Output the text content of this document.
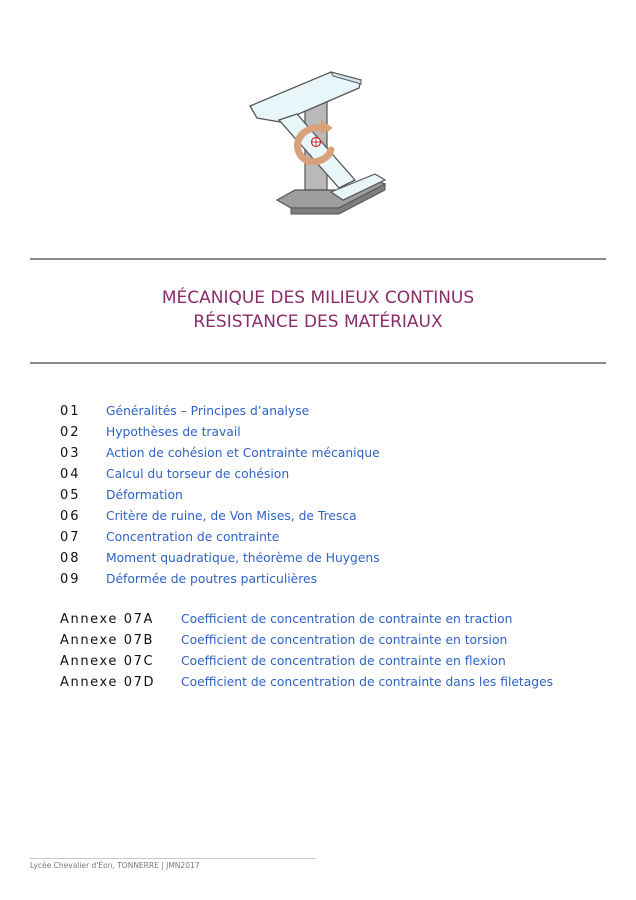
MÉCANIQUE DES MILIEUX CONTINUS
RÉSISTANCE DES MATÉRIAUX
01	Généralités – Principes d’analyse
02	Hypothèses de travail
03	Action de cohésion et Contrainte mécanique
04	Calcul du torseur de cohésion
05	Déformation
06	Critère de ruine, de Von Mises, de Tresca
07	Concentration de contrainte
08	Moment quadratique, théorème de Huygens
09	Déformée de poutres particulières
Annexe 07A	Coefficient de concentration de contrainte en traction
Annexe 07B	Coefficient de concentration de contrainte en torsion
Annexe 07C	Coefficient de concentration de contrainte en flexion
Annexe 07D	Coefficient de concentration de contrainte dans les filetages
Lycée Chevalier d'Éon, TONNERRE | JMN2017
